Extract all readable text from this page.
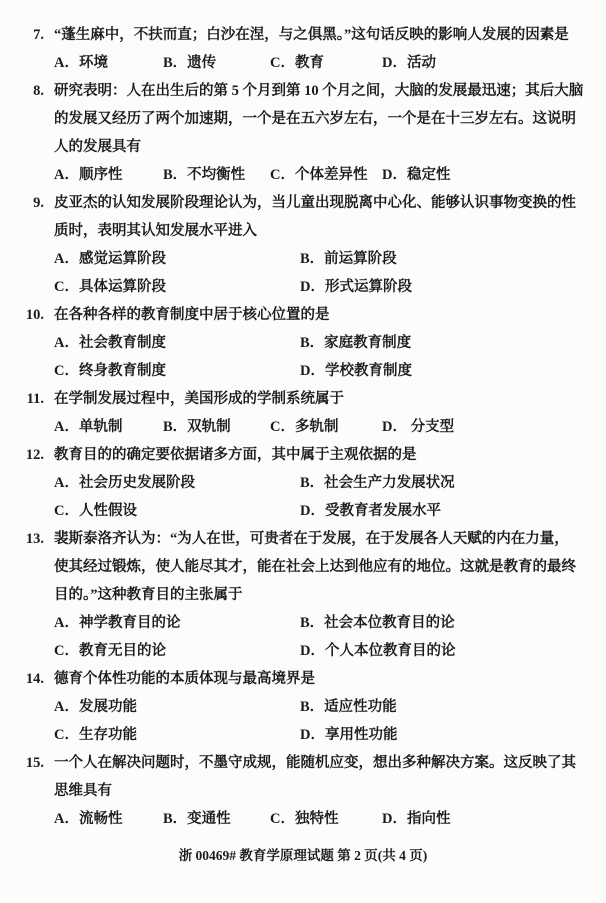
7. “蓬生麻中，不扶而直；白沙在涅，与之俱黑。”这句话反映的影响人发展的因素是
A．环境	B．遗传	C．教育	D．活动
8. 研究表明：人在出生后的第 5 个月到第 10 个月之间，大脑的发展最迅速；其后大脑
的发展又经历了两个加速期，一个是在五六岁左右，一个是在十三岁左右。这说明
人的发展具有
A．顺序性	B．不均衡性	C．个体差异性	D．稳定性
9. 皮亚杰的认知发展阶段理论认为，当儿童出现脱离中心化、能够认识事物变换的性
质时，表明其认知发展水平进入
A．感觉运算阶段	B．前运算阶段
C．具体运算阶段	D．形式运算阶段
10. 在各种各样的教育制度中居于核心位置的是
A．社会教育制度	B．家庭教育制度
C．终身教育制度	D．学校教育制度
11. 在学制发展过程中，美国形成的学制系统属于
A．单轨制	B．双轨制	C．多轨制	D． 分支型
12. 教育目的的确定要依据诸多方面，其中属于主观依据的是
A．社会历史发展阶段	B．社会生产力发展状况
C．人性假设	D．受教育者发展水平
13. 裴斯泰洛齐认为：“为人在世，可贵者在于发展，在于发展各人天赋的内在力量，
使其经过锻炼，使人能尽其才，能在社会上达到他应有的地位。这就是教育的最终
目的。”这种教育目的主张属于
A．神学教育目的论	B．社会本位教育目的论
C．教育无目的论	D．个人本位教育目的论
14. 德育个体性功能的本质体现与最高境界是
A．发展功能	B．适应性功能
C．生存功能	D．享用性功能
15. 一个人在解决问题时，不墨守成规，能随机应变，想出多种解决方案。这反映了其
思维具有
A．流畅性	B．变通性	C．独特性	D．指向性
浙 00469# 教育学原理试题 第 2 页(共 4 页)
